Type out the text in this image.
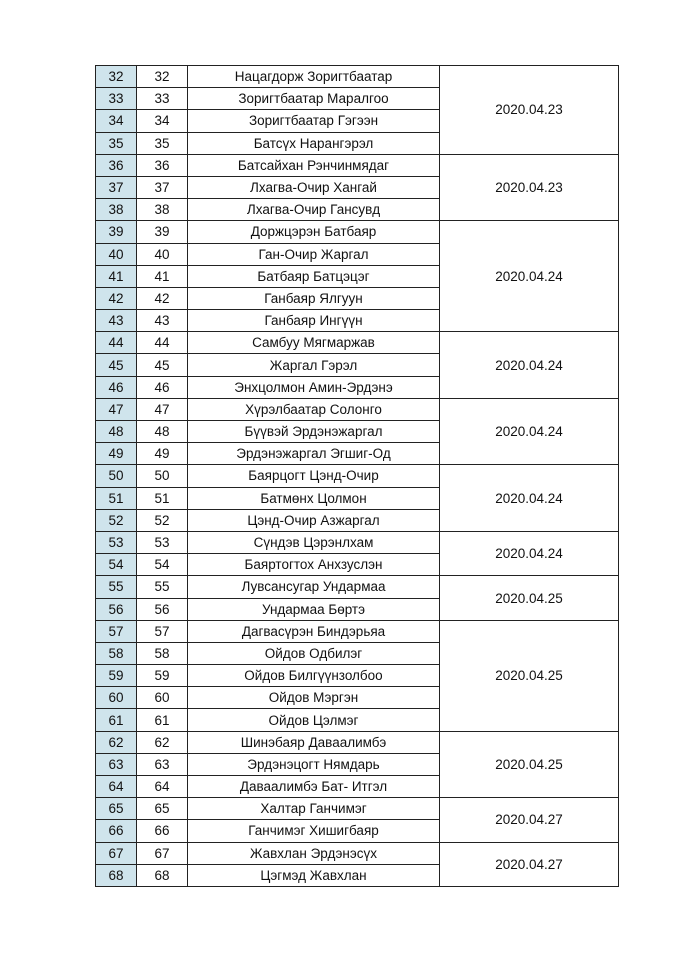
32	32	Нацагдорж Зоригтбаатар	2020.04.23
33	33	Зоригтбаатар Маралгоо	
34	34	Зоригтбаатар Гэгээн	
35	35	Батсүх Нарангэрэл	
36	36	Батсайхан Рэнчинмядаг	2020.04.23
37	37	Лхагва-Очир Хангай	
38	38	Лхагва-Очир Гансувд	
39	39	Доржцэрэн Батбаяр	2020.04.24
40	40	Ган-Очир Жаргал	
41	41	Батбаяр Батцэцэг	
42	42	Ганбаяр Ялгуун	
43	43	Ганбаяр Ингүүн	
44	44	Самбуу Мягмаржав	2020.04.24
45	45	Жаргал Гэрэл	
46	46	Энхцолмон Амин-Эрдэнэ	
47	47	Хүрэлбаатар Солонго	2020.04.24
48	48	Бүүвэй Эрдэнэжаргал	
49	49	Эрдэнэжаргал Эгшиг-Од	
50	50	Баярцогт Цэнд-Очир	2020.04.24
51	51	Батмөнх Цолмон	
52	52	Цэнд-Очир Азжаргал	
53	53	Сүндэв Цэрэнлхам	2020.04.24
54	54	Баяртогтох Анхзуслэн	
55	55	Лувсансугар Ундармаа	2020.04.25
56	56	Ундармаа Бөртэ	
57	57	Дагвасүрэн Биндэрьяа	2020.04.25
58	58	Ойдов Одбилэг	
59	59	Ойдов Билгүүнзолбоо	
60	60	Ойдов Мэргэн	
61	61	Ойдов Цэлмэг	
62	62	Шинэбаяр Даваалимбэ	2020.04.25
63	63	Эрдэнэцогт Нямдарь	
64	64	Даваалимбэ Бат- Итгэл	
65	65	Халтар Ганчимэг	2020.04.27
66	66	Ганчимэг Хишигбаяр	
67	67	Жавхлан Эрдэнэсүх	2020.04.27
68	68	Цэгмэд Жавхлан	
